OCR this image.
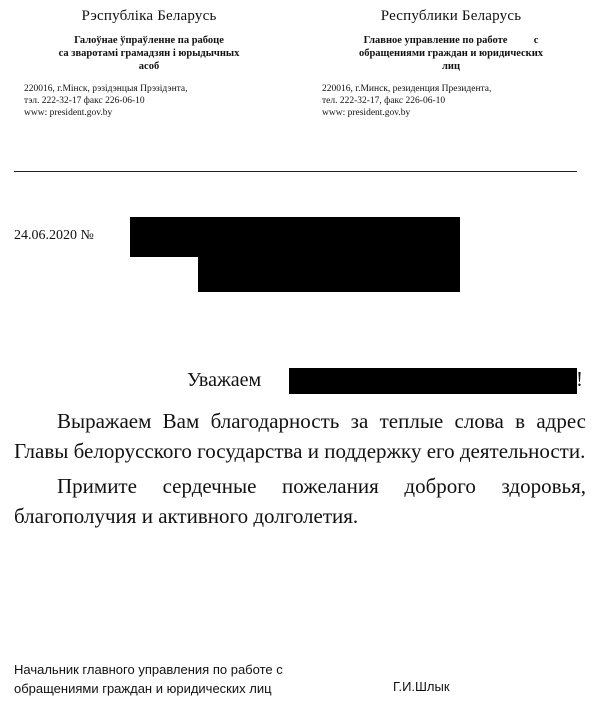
Рэспубліка Беларусь
Галоўнае ўпраўленне па рабоце
са зваротамі грамадзян і юрыдычных
асоб
220016, г.Мінск, рэзідэнцыя Прэзідэнта,
тэл. 222-32-17 факс 226-06-10
www: president.gov.by
Республики Беларусь
Главное управление по работе          с
обращениями граждан и юридических
лиц
220016, г.Минск, резиденция Президента,
тел. 222-32-17, факс 226-06-10
www: president.gov.by
24.06.2020 №
Уважаем	!

Выражаем Вам благодарность за теплые слова в адрес Главы белорусского государства и поддержку его деятельности.

Примите сердечные пожелания доброго здоровья, благополучия и активного долголетия.

Начальник главного управления по работе с
обращениями граждан и юридических лиц	Г.И.Шлык
